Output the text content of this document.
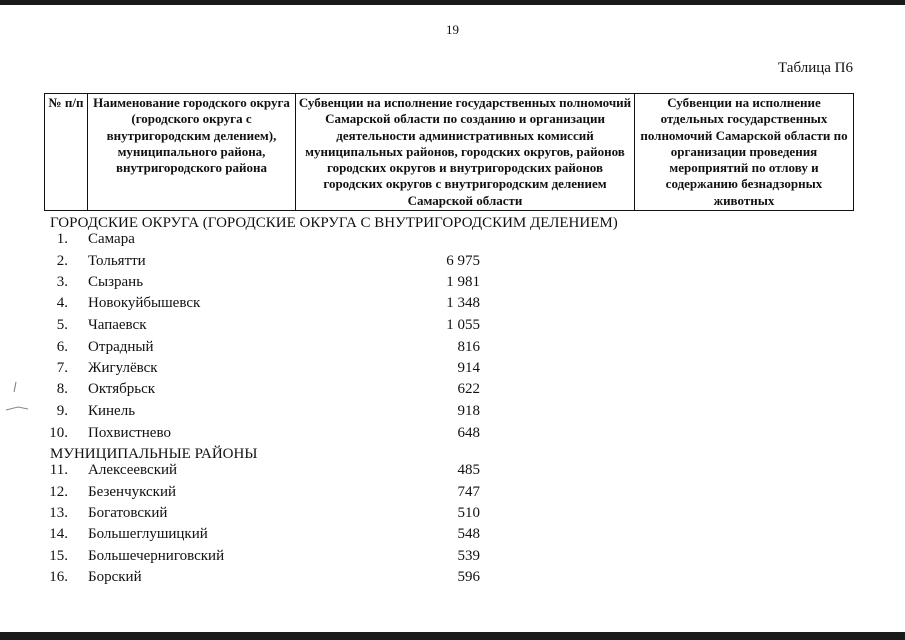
19
Таблица П6
№ п/п	Наименование городского округа (городского округа с внутригородским делением), муниципального района, внутригородского района	Субвенции на исполнение государственных полномочий Самарской области по созданию и организации деятельности административных комиссий муниципальных районов, городских округов, районов городских округов и внутригородских районов городских округов с внутригородским делением Самарской области	Субвенции на исполнение отдельных государственных полномочий Самарской области по организации проведения мероприятий по отлову и содержанию безнадзорных животных
ГОРОДСКИЕ ОКРУГА (ГОРОДСКИЕ ОКРУГА С ВНУТРИГОРОДСКИМ ДЕЛЕНИЕМ)
1. Самара
2. Тольятти	6 975
3. Сызрань	1 981
4. Новокуйбышевск	1 348
5. Чапаевск	1 055
6. Отрадный	816
7. Жигулёвск	914
8. Октябрьск	622
9. Кинель	918
10. Похвистнево	648
МУНИЦИПАЛЬНЫЕ РАЙОНЫ
11. Алексеевский	485
12. Безенчукский	747
13. Богатовский	510
14. Большеглушицкий	548
15. Большечерниговский	539
16. Борский	596
